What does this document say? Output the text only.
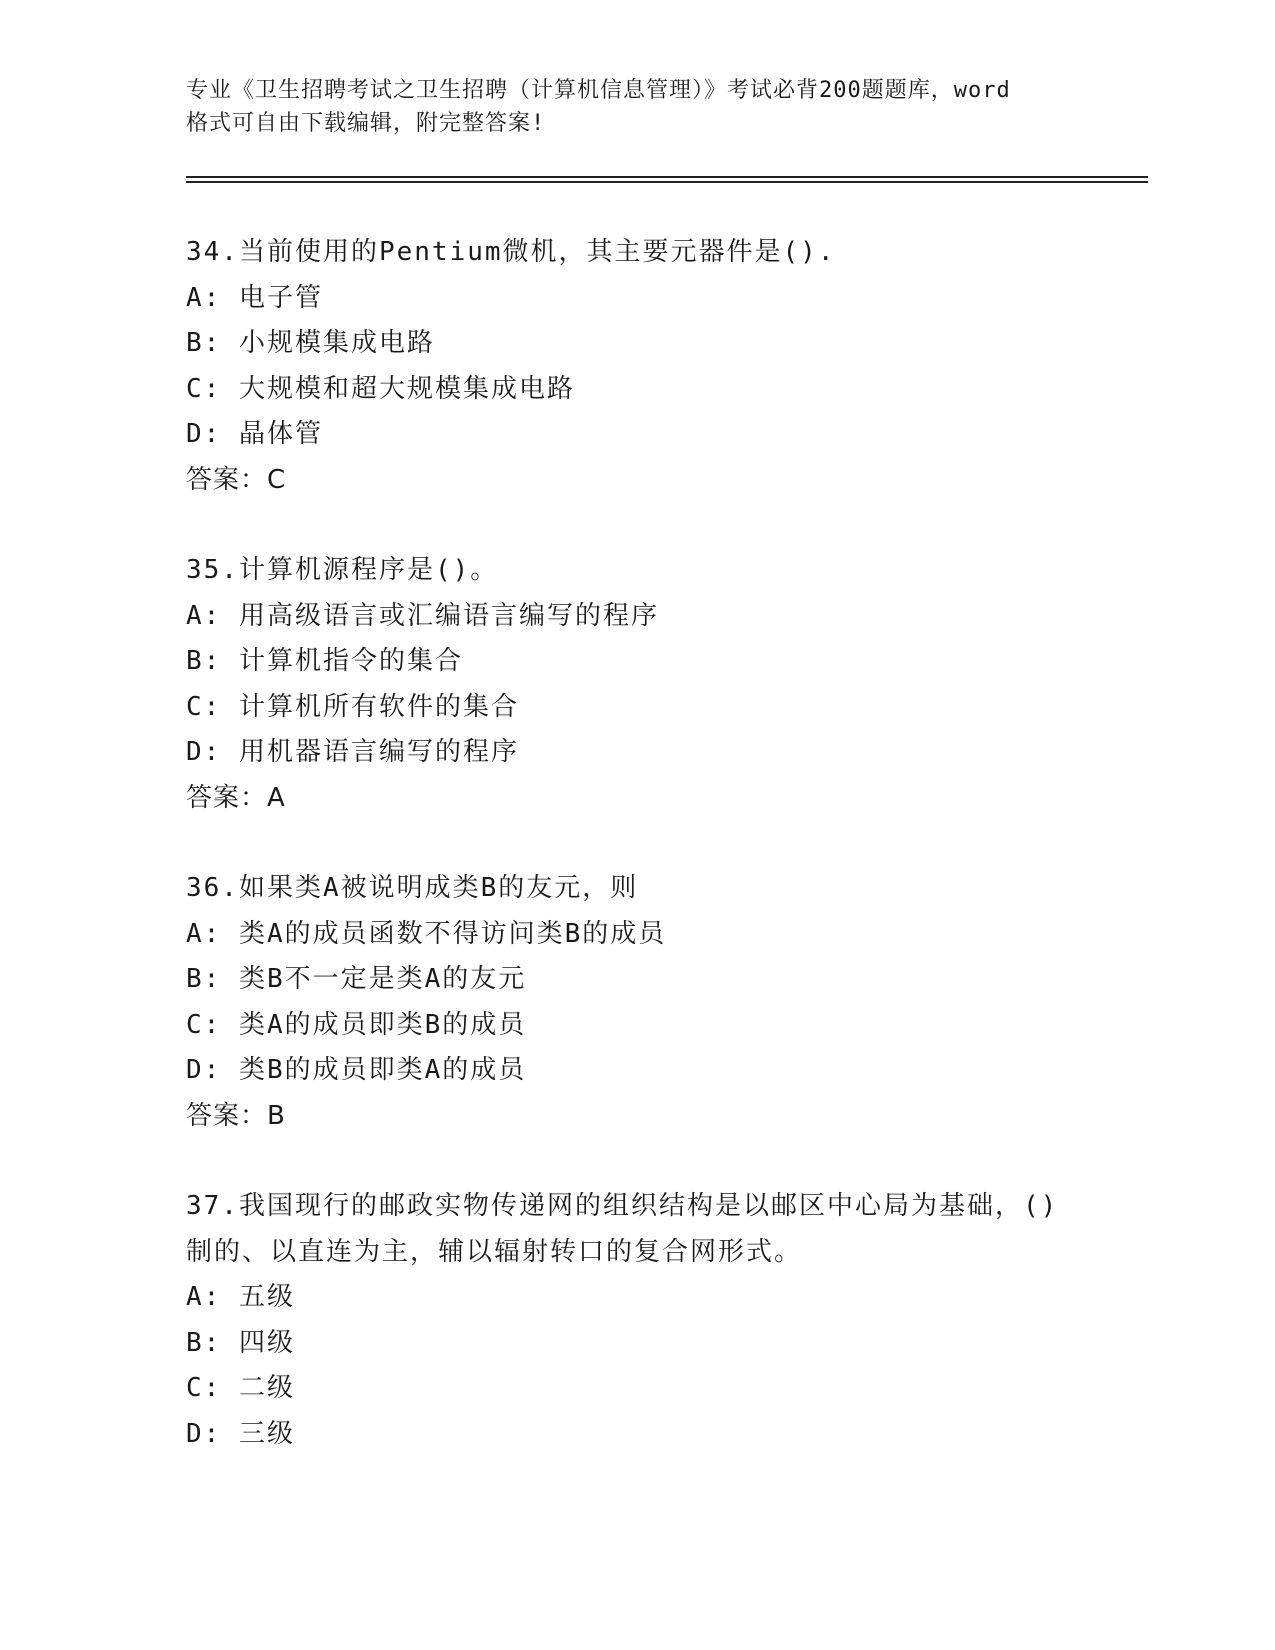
专业《卫生招聘考试之卫生招聘（计算机信息管理）》考试必背200题题库，word
格式可自由下载编辑，附完整答案!
34.当前使用的Pentium微机，其主要元器件是().
A: 电子管
B: 小规模集成电路
C: 大规模和超大规模集成电路
D: 晶体管
答案：C
35.计算机源程序是()。
A: 用高级语言或汇编语言编写的程序
B: 计算机指令的集合
C: 计算机所有软件的集合
D: 用机器语言编写的程序
答案：A
36.如果类A被说明成类B的友元，则
A: 类A的成员函数不得访问类B的成员
B: 类B不一定是类A的友元
C: 类A的成员即类B的成员
D: 类B的成员即类A的成员
答案：B
37.我国现行的邮政实物传递网的组织结构是以邮区中心局为基础，()
制的、以直连为主，辅以辐射转口的复合网形式。
A: 五级
B: 四级
C: 二级
D: 三级
